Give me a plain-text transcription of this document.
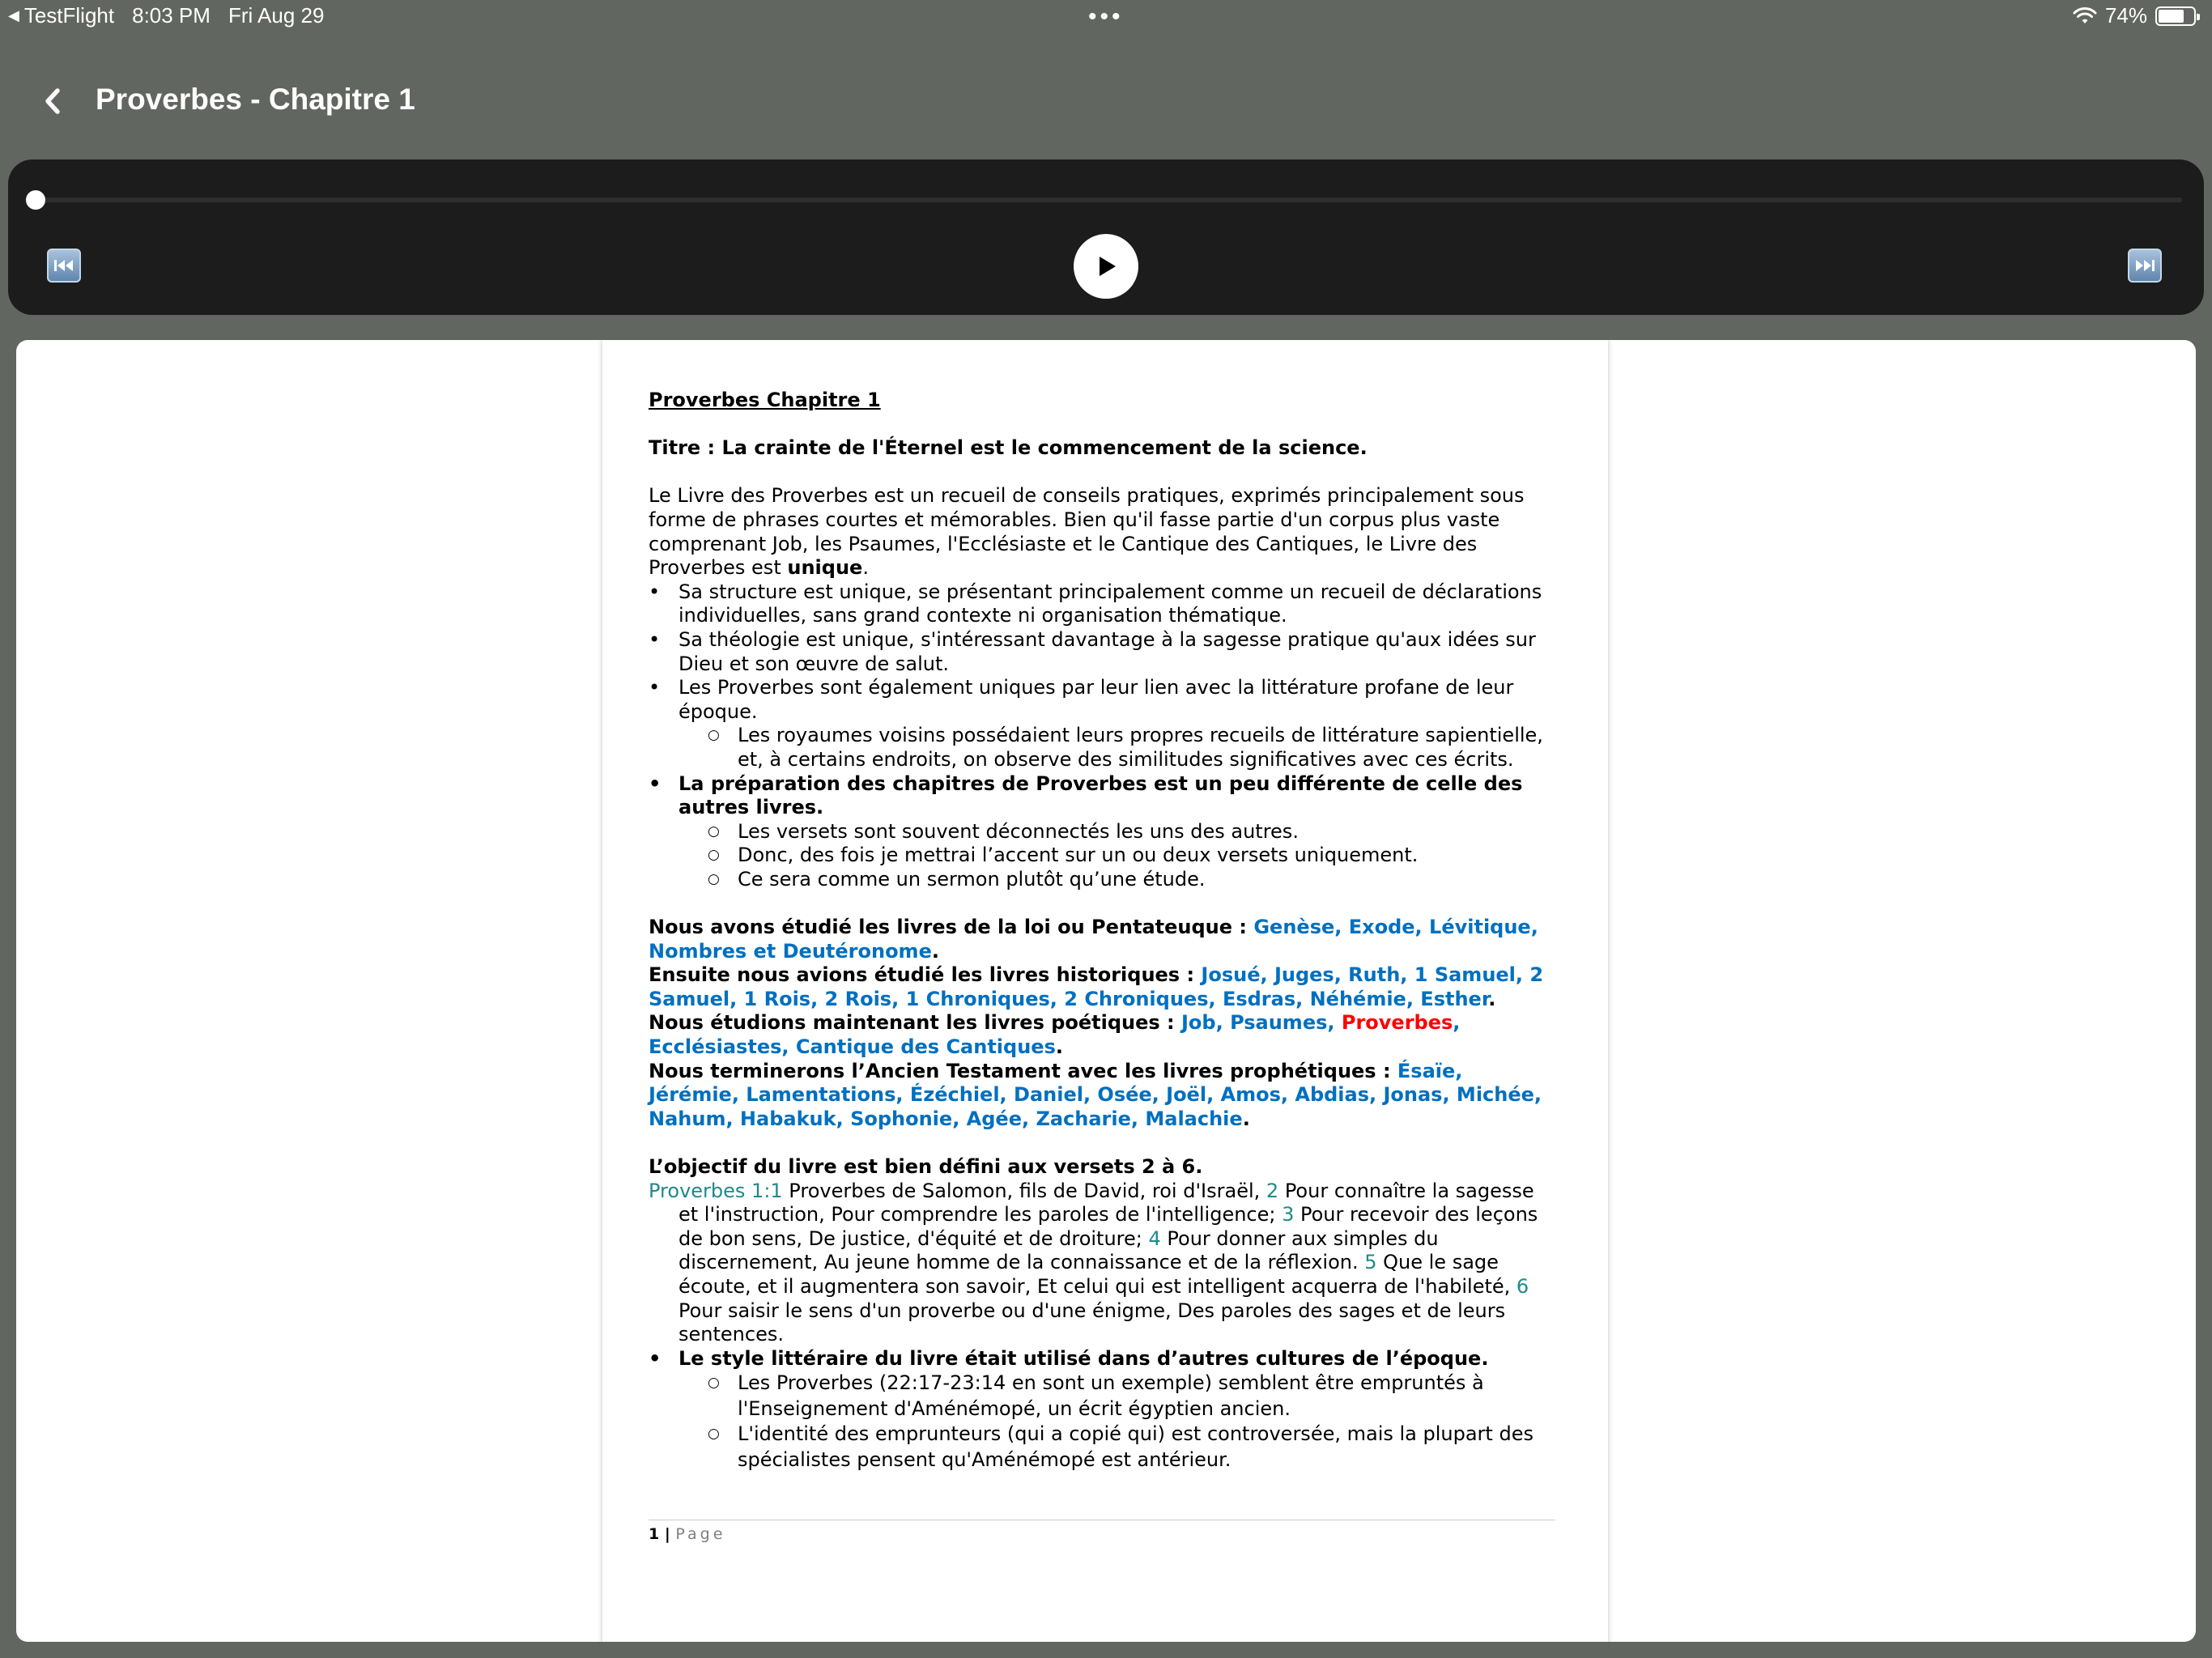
◀ TestFlight 8:03 PM Fri Aug 29	•••	74%
Proverbes - Chapitre 1
Proverbes Chapitre 1
Titre : La crainte de l'Éternel est le commencement de la science.
Le Livre des Proverbes est un recueil de conseils pratiques, exprimés principalement sous forme de phrases courtes et mémorables. Bien qu'il fasse partie d'un corpus plus vaste comprenant Job, les Psaumes, l'Ecclésiaste et le Cantique des Cantiques, le Livre des Proverbes est unique.
• Sa structure est unique, se présentant principalement comme un recueil de déclarations individuelles, sans grand contexte ni organisation thématique.
• Sa théologie est unique, s'intéressant davantage à la sagesse pratique qu'aux idées sur Dieu et son œuvre de salut.
• Les Proverbes sont également uniques par leur lien avec la littérature profane de leur époque.
○ Les royaumes voisins possédaient leurs propres recueils de littérature sapientielle, et, à certains endroits, on observe des similitudes significatives avec ces écrits.
• La préparation des chapitres de Proverbes est un peu différente de celle des autres livres.
○ Les versets sont souvent déconnectés les uns des autres.
○ Donc, des fois je mettrai l’accent sur un ou deux versets uniquement.
○ Ce sera comme un sermon plutôt qu’une étude.
Nous avons étudié les livres de la loi ou Pentateuque : Genèse, Exode, Lévitique, Nombres et Deutéronome.
Ensuite nous avions étudié les livres historiques : Josué, Juges, Ruth, 1 Samuel, 2 Samuel, 1 Rois, 2 Rois, 1 Chroniques, 2 Chroniques, Esdras, Néhémie, Esther.
Nous étudions maintenant les livres poétiques : Job, Psaumes, Proverbes, Ecclésiastes, Cantique des Cantiques.
Nous terminerons l’Ancien Testament avec les livres prophétiques : Ésaïe, Jérémie, Lamentations, Ézéchiel, Daniel, Osée, Joël, Amos, Abdias, Jonas, Michée, Nahum, Habakuk, Sophonie, Agée, Zacharie, Malachie.
L’objectif du livre est bien défini aux versets 2 à 6.
Proverbes 1:1 Proverbes de Salomon, fils de David, roi d'Israël, 2 Pour connaître la sagesse et l'instruction, Pour comprendre les paroles de l'intelligence; 3 Pour recevoir des leçons de bon sens, De justice, d'équité et de droiture; 4 Pour donner aux simples du discernement, Au jeune homme de la connaissance et de la réflexion. 5 Que le sage écoute, et il augmentera son savoir, Et celui qui est intelligent acquerra de l'habileté, 6 Pour saisir le sens d'un proverbe ou d'une énigme, Des paroles des sages et de leurs sentences.
• Le style littéraire du livre était utilisé dans d’autres cultures de l’époque.
○ Les Proverbes (22:17-23:14 en sont un exemple) semblent être empruntés à l'Enseignement d'Aménémopé, un écrit égyptien ancien.
○ L'identité des emprunteurs (qui a copié qui) est controversée, mais la plupart des spécialistes pensent qu'Aménémopé est antérieur.
1 | Page
